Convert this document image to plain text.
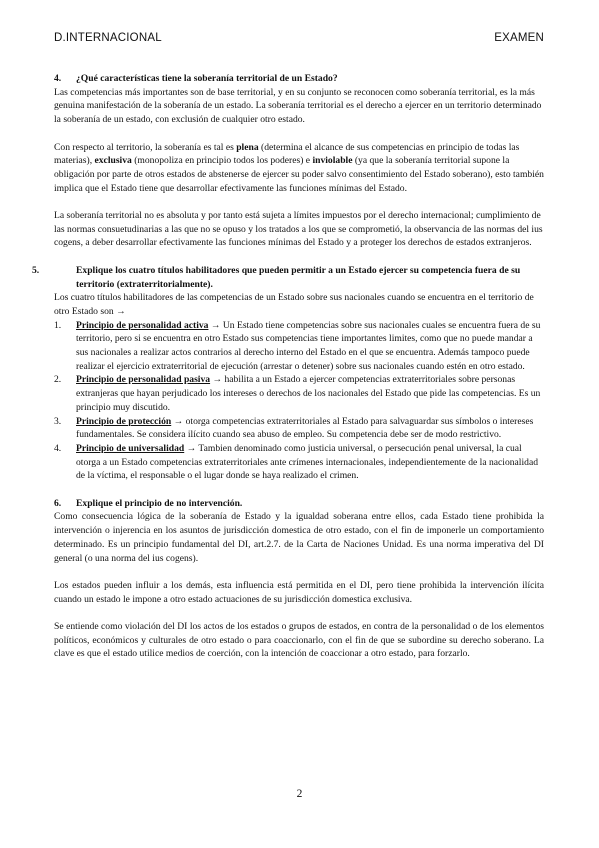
D.INTERNACIONAL	EXAMEN

4. ¿Qué características tiene la soberanía territorial de un Estado?

Las competencias más importantes son de base territorial, y en su conjunto se reconocen como soberanía territorial, es la más genuina manifestación de la soberanía de un estado. La soberanía territorial es el derecho a ejercer en un territorio determinado la soberanía de un estado, con exclusión de cualquier otro estado.

Con respecto al territorio, la soberanía es tal es plena (determina el alcance de sus competencias en principio de todas las materias), exclusiva (monopoliza en principio todos los poderes) e inviolable (ya que la soberanía territorial supone la obligación por parte de otros estados de abstenerse de ejercer su poder salvo consentimiento del Estado soberano), esto también implica que el Estado tiene que desarrollar efectivamente las funciones mínimas del Estado.

La soberanía territorial no es absoluta y por tanto está sujeta a límites impuestos por el derecho internacional; cumplimiento de las normas consuetudinarias a las que no se opuso y los tratados a los que se comprometió, la observancia de las normas del ius cogens, a deber desarrollar efectivamente las funciones mínimas del Estado y a proteger los derechos de estados extranjeros.

5.	Explique los cuatro títulos habilitadores que pueden permitir a un Estado ejercer su competencia fuera de su territorio (extraterritorialmente).

Los cuatro títulos habilitadores de las competencias de un Estado sobre sus nacionales cuando se encuentra en el territorio de otro Estado son →

1. Principio de personalidad activa → Un Estado tiene competencias sobre sus nacionales cuales se encuentra fuera de su territorio, pero si se encuentra en otro Estado sus competencias tiene importantes limites, como que no puede mandar a sus nacionales a realizar actos contrarios al derecho interno del Estado en el que se encuentra. Además tampoco puede realizar el ejercicio extraterritorial de ejecución (arrestar o detener) sobre sus nacionales cuando estén en otro estado.
2. Principio de personalidad pasiva → habilita a un Estado a ejercer competencias extraterritoriales sobre personas extranjeras que hayan perjudicado los intereses o derechos de los nacionales del Estado que pide las competencias. Es un principio muy discutido.
3. Principio de protección → otorga competencias extraterritoriales al Estado para salvaguardar sus símbolos o intereses fundamentales. Se considera ilícito cuando sea abuso de empleo. Su competencia debe ser de modo restrictivo.
4. Principio de universalidad → Tambien denominado como justicia universal, o persecución penal universal, la cual otorga a un Estado competencias extraterritoriales ante crímenes internacionales, independientemente de la nacionalidad de la víctima, el responsable o el lugar donde se haya realizado el crimen.

6. Explique el principio de no intervención.

Como consecuencia lógica de la soberanía de Estado y la igualdad soberana entre ellos, cada Estado tiene prohibida la intervención o injerencia en los asuntos de jurisdicción domestica de otro estado, con el fin de imponerle un comportamiento determinado. Es un principio fundamental del DI, art.2.7. de la Carta de Naciones Unidad. Es una norma imperativa del DI general (o una norma del ius cogens).

Los estados pueden influir a los demás, esta influencia está permitida en el DI, pero tiene prohibida la intervención ilícita cuando un estado le impone a otro estado actuaciones de su jurisdicción domestica exclusiva.

Se entiende como violación del DI los actos de los estados o grupos de estados, en contra de la personalidad o de los elementos políticos, económicos y culturales de otro estado o para coaccionarlo, con el fin de que se subordine su derecho soberano. La clave es que el estado utilice medios de coerción, con la intención de coaccionar a otro estado, para forzarlo.

2
